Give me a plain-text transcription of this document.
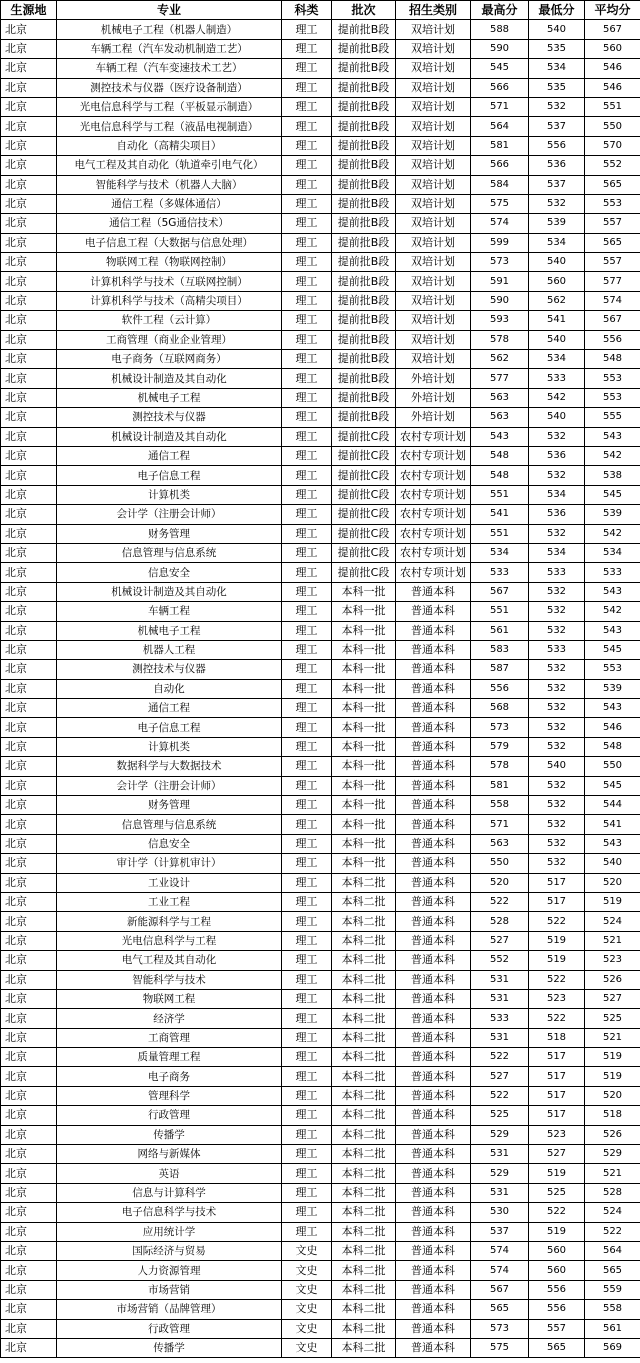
生源地	专业	科类	批次	招生类别	最高分	最低分	平均分
北京	机械电子工程（机器人制造）	理工	提前批B段	双培计划	588	540	567
北京	车辆工程（汽车发动机制造工艺）	理工	提前批B段	双培计划	590	535	560
北京	车辆工程（汽车变速技术工艺）	理工	提前批B段	双培计划	545	534	546
北京	测控技术与仪器（医疗设备制造）	理工	提前批B段	双培计划	566	535	546
北京	光电信息科学与工程（平板显示制造）	理工	提前批B段	双培计划	571	532	551
北京	光电信息科学与工程（液晶电视制造）	理工	提前批B段	双培计划	564	537	550
北京	自动化（高精尖项目）	理工	提前批B段	双培计划	581	556	570
北京	电气工程及其自动化（轨道牵引电气化）	理工	提前批B段	双培计划	566	536	552
北京	智能科学与技术（机器人大脑）	理工	提前批B段	双培计划	584	537	565
北京	通信工程（多媒体通信）	理工	提前批B段	双培计划	575	532	553
北京	通信工程（5G通信技术）	理工	提前批B段	双培计划	574	539	557
北京	电子信息工程（大数据与信息处理）	理工	提前批B段	双培计划	599	534	565
北京	物联网工程（物联网控制）	理工	提前批B段	双培计划	573	540	557
北京	计算机科学与技术（互联网控制）	理工	提前批B段	双培计划	591	560	577
北京	计算机科学与技术（高精尖项目）	理工	提前批B段	双培计划	590	562	574
北京	软件工程（云计算）	理工	提前批B段	双培计划	593	541	567
北京	工商管理（商业企业管理）	理工	提前批B段	双培计划	578	540	556
北京	电子商务（互联网商务）	理工	提前批B段	双培计划	562	534	548
北京	机械设计制造及其自动化	理工	提前批B段	外培计划	577	533	553
北京	机械电子工程	理工	提前批B段	外培计划	563	542	553
北京	测控技术与仪器	理工	提前批B段	外培计划	563	540	555
北京	机械设计制造及其自动化	理工	提前批C段	农村专项计划	543	532	543
北京	通信工程	理工	提前批C段	农村专项计划	548	536	542
北京	电子信息工程	理工	提前批C段	农村专项计划	548	532	538
北京	计算机类	理工	提前批C段	农村专项计划	551	534	545
北京	会计学（注册会计师）	理工	提前批C段	农村专项计划	541	536	539
北京	财务管理	理工	提前批C段	农村专项计划	551	532	542
北京	信息管理与信息系统	理工	提前批C段	农村专项计划	534	534	534
北京	信息安全	理工	提前批C段	农村专项计划	533	533	533
北京	机械设计制造及其自动化	理工	本科一批	普通本科	567	532	543
北京	车辆工程	理工	本科一批	普通本科	551	532	542
北京	机械电子工程	理工	本科一批	普通本科	561	532	543
北京	机器人工程	理工	本科一批	普通本科	583	533	545
北京	测控技术与仪器	理工	本科一批	普通本科	587	532	553
北京	自动化	理工	本科一批	普通本科	556	532	539
北京	通信工程	理工	本科一批	普通本科	568	532	543
北京	电子信息工程	理工	本科一批	普通本科	573	532	546
北京	计算机类	理工	本科一批	普通本科	579	532	548
北京	数据科学与大数据技术	理工	本科一批	普通本科	578	540	550
北京	会计学（注册会计师）	理工	本科一批	普通本科	581	532	545
北京	财务管理	理工	本科一批	普通本科	558	532	544
北京	信息管理与信息系统	理工	本科一批	普通本科	571	532	541
北京	信息安全	理工	本科一批	普通本科	563	532	543
北京	审计学（计算机审计）	理工	本科一批	普通本科	550	532	540
北京	工业设计	理工	本科二批	普通本科	520	517	520
北京	工业工程	理工	本科二批	普通本科	522	517	519
北京	新能源科学与工程	理工	本科二批	普通本科	528	522	524
北京	光电信息科学与工程	理工	本科二批	普通本科	527	519	521
北京	电气工程及其自动化	理工	本科二批	普通本科	552	519	523
北京	智能科学与技术	理工	本科二批	普通本科	531	522	526
北京	物联网工程	理工	本科二批	普通本科	531	523	527
北京	经济学	理工	本科二批	普通本科	533	522	525
北京	工商管理	理工	本科二批	普通本科	531	518	521
北京	质量管理工程	理工	本科二批	普通本科	522	517	519
北京	电子商务	理工	本科二批	普通本科	527	517	519
北京	管理科学	理工	本科二批	普通本科	522	517	520
北京	行政管理	理工	本科二批	普通本科	525	517	518
北京	传播学	理工	本科二批	普通本科	529	523	526
北京	网络与新媒体	理工	本科二批	普通本科	531	527	529
北京	英语	理工	本科二批	普通本科	529	519	521
北京	信息与计算科学	理工	本科二批	普通本科	531	525	528
北京	电子信息科学与技术	理工	本科二批	普通本科	530	522	524
北京	应用统计学	理工	本科二批	普通本科	537	519	522
北京	国际经济与贸易	文史	本科二批	普通本科	574	560	564
北京	人力资源管理	文史	本科二批	普通本科	574	560	565
北京	市场营销	文史	本科二批	普通本科	567	556	559
北京	市场营销（品牌管理）	文史	本科二批	普通本科	565	556	558
北京	行政管理	文史	本科二批	普通本科	573	557	561
北京	传播学	文史	本科二批	普通本科	575	565	569
